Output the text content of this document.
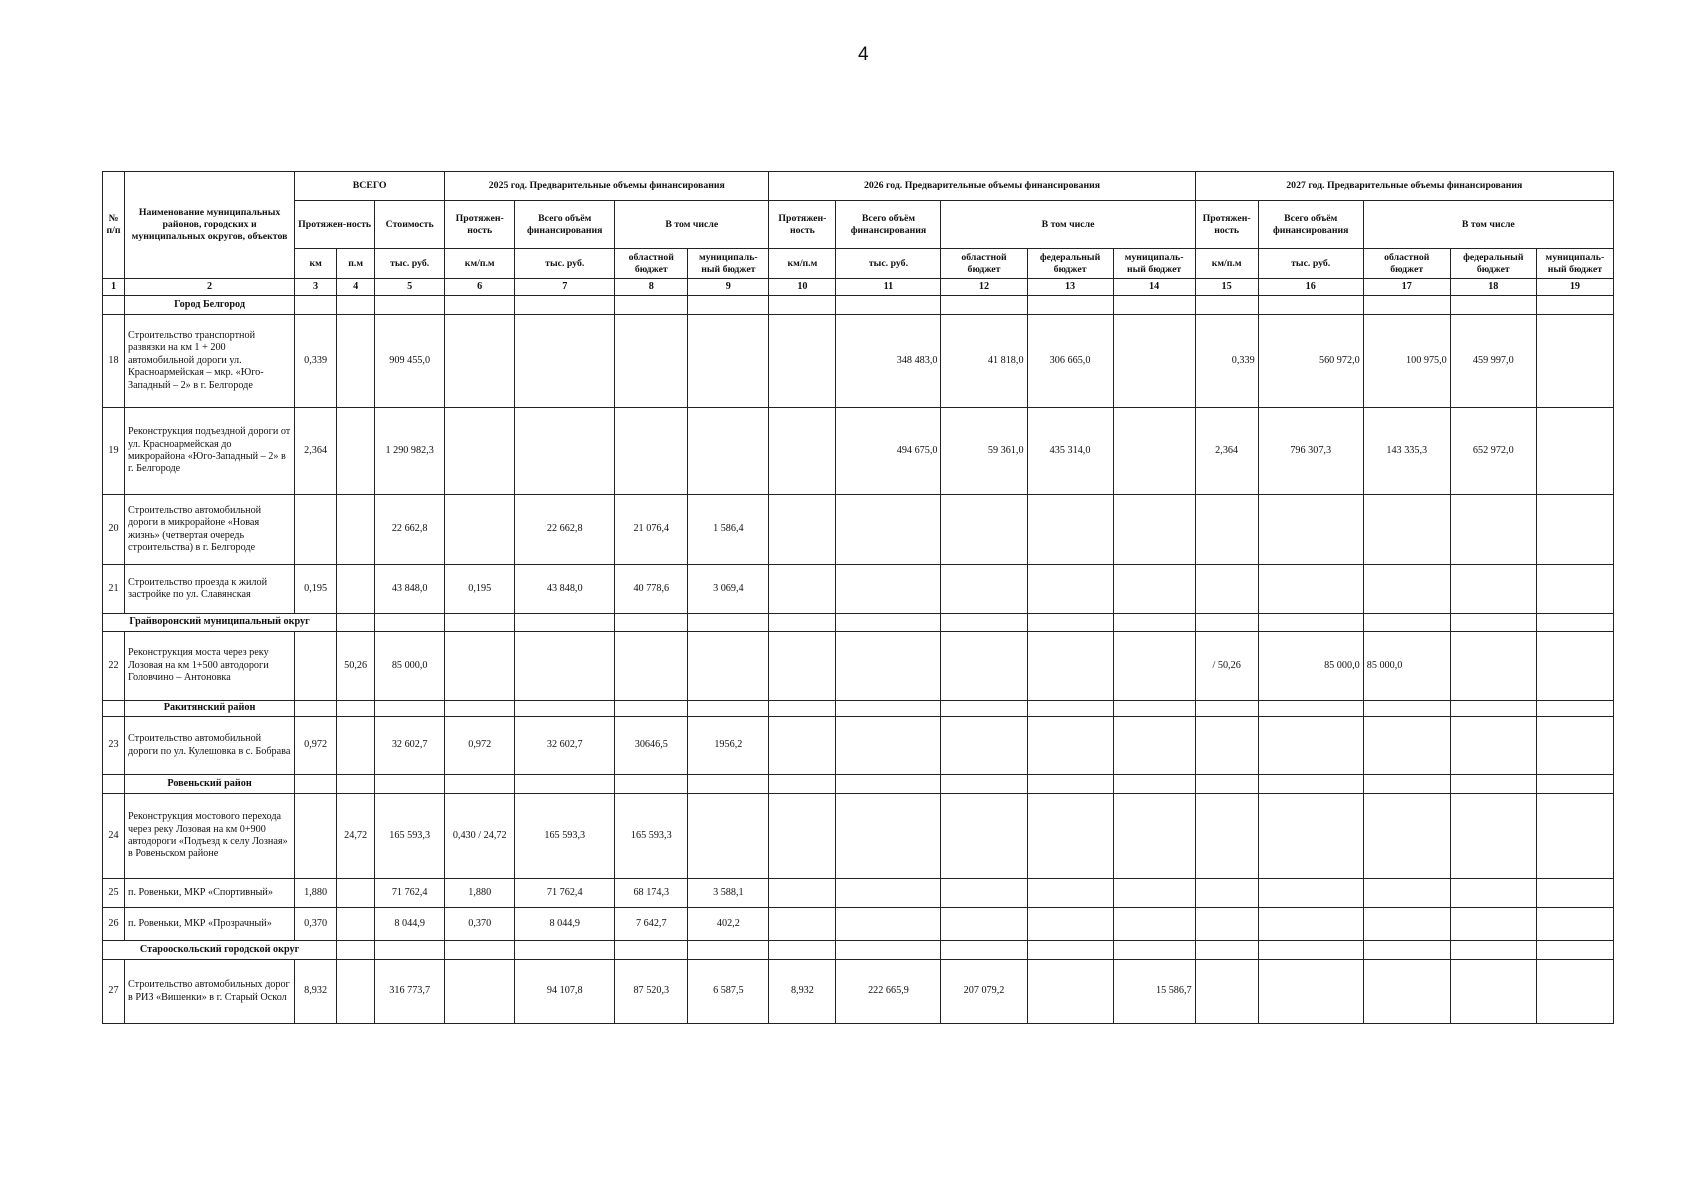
4
№ п/п	Наименование муниципальных районов, городских и муниципальных округов, объектов	ВСЕГО			2025 год. Предварительные объемы финансирования				2026 год. Предварительные объемы финансирования					2027 год. Предварительные объемы финансирования				
		Протяжен-ность		Стоимость	Протяжен-ность	Всего объём финансирования	В том числе		Протяжен-ность	Всего объём финансирования	В том числе			Протяжен-ность	Всего объём финансирования	В том числе		
		км	п.м	тыс. руб.	км/п.м	тыс. руб.	областной бюджет	муниципаль-ный бюджет	км/п.м	тыс. руб.	областной бюджет	федеральный бюджет	муниципаль-ный бюджет	км/п.м	тыс. руб.	областной бюджет	федеральный бюджет	муниципаль-ный бюджет
1	2	3	4	5	6	7	8	9	10	11	12	13	14	15	16	17	18	19
	Город Белгород																	
18	Строительство транспортной развязки на км 1 + 200 автомобильной дороги ул. Красноармейская – мкр. «Юго-Западный – 2» в г. Белгороде	0,339		909 455,0						348 483,0	41 818,0	306 665,0		0,339	560 972,0	100 975,0	459 997,0	
19	Реконструкция подъездной дороги от ул. Красноармейская до микрорайона «Юго-Западный – 2» в г. Белгороде	2,364		1 290 982,3						494 675,0	59 361,0	435 314,0		2,364	796 307,3	143 335,3	652 972,0	
20	Строительство автомобильной дороги в микрорайоне «Новая жизнь» (четвертая очередь строительства) в г. Белгороде			22 662,8		22 662,8	21 076,4	1 586,4										
21	Строительство проезда к жилой застройке по ул. Славянская	0,195		43 848,0	0,195	43 848,0	40 778,6	3 069,4										
Грайворонский муниципальный округ																		
22	Реконструкция моста через реку Лозовая на км 1+500 автодороги Головчино – Антоновка		50,26	85 000,0										/ 50,26	85 000,0	85 000,0		
	Ракитянский район																	
23	Строительство автомобильной дороги по ул. Кулешовка в с. Бобрава	0,972		32 602,7	0,972	32 602,7	30646,5	1956,2										
	Ровеньский район																	
24	Реконструкция мостового перехода через реку Лозовая на км 0+900 автодороги «Подъезд к селу Лозная» в Ровеньском районе		24,72	165 593,3	0,430 / 24,72	165 593,3	165 593,3											
25	п. Ровеньки, МКР «Спортивный»	1,880		71 762,4	1,880	71 762,4	68 174,3	3 588,1										
26	п. Ровеньки, МКР «Прозрачный»	0,370		8 044,9	0,370	8 044,9	7 642,7	402,2										
Старооскольский городской округ																		
27	Строительство автомобильных дорог в РИЗ «Вишенки» в г. Старый Оскол	8,932		316 773,7		94 107,8	87 520,3	6 587,5	8,932	222 665,9	207 079,2		15 586,7					
